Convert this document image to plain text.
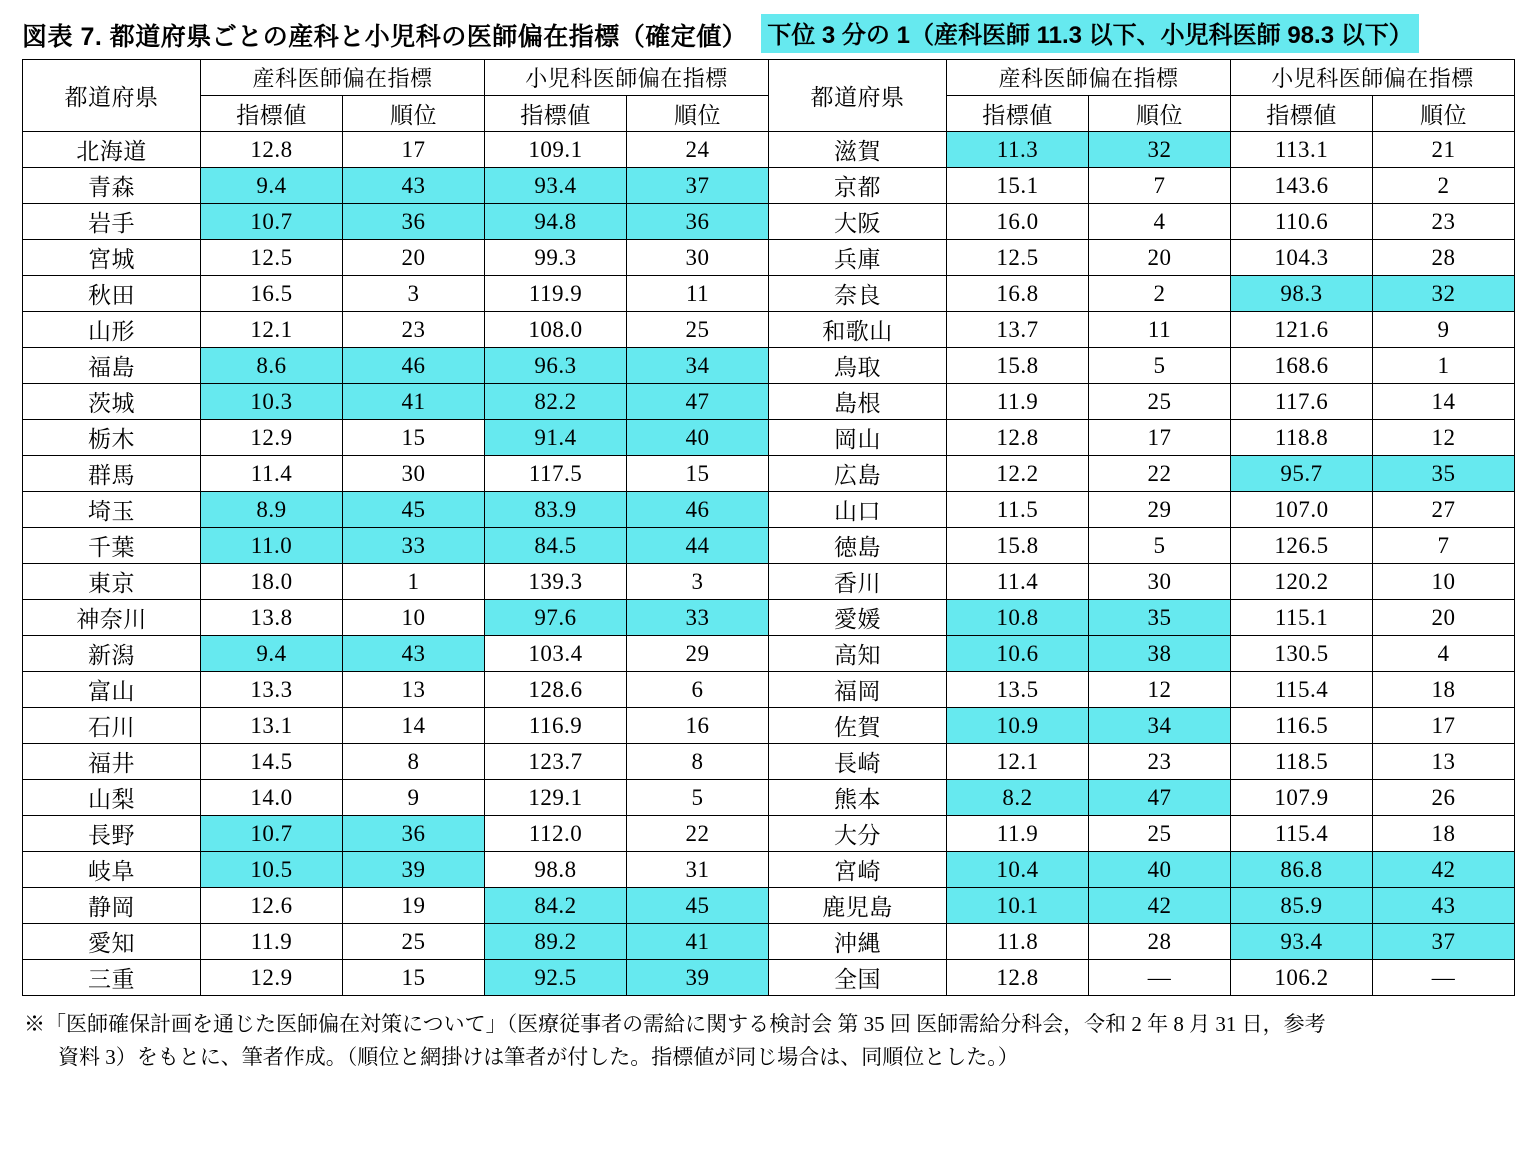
図表 7. 都道府県ごとの産科と小児科の医師偏在指標（確定値） 下位 3 分の 1（産科医師 11.3 以下、小児科医師 98.3 以下）
都道府県	産科医師偏在指標		小児科医師偏在指標	
	指標値	順位	指標値	順位
北海道	12.8	17	109.1	24
青森	9.4	43	93.4	37
岩手	10.7	36	94.8	36
宮城	12.5	20	99.3	30
秋田	16.5	3	119.9	11
山形	12.1	23	108.0	25
福島	8.6	46	96.3	34
茨城	10.3	41	82.2	47
栃木	12.9	15	91.4	40
群馬	11.4	30	117.5	15
埼玉	8.9	45	83.9	46
千葉	11.0	33	84.5	44
東京	18.0	1	139.3	3
神奈川	13.8	10	97.6	33
新潟	9.4	43	103.4	29
富山	13.3	13	128.6	6
石川	13.1	14	116.9	16
福井	14.5	8	123.7	8
山梨	14.0	9	129.1	5
長野	10.7	36	112.0	22
岐阜	10.5	39	98.8	31
静岡	12.6	19	84.2	45
愛知	11.9	25	89.2	41
三重	12.9	15	92.5	39
都道府県	産科医師偏在指標		小児科医師偏在指標	
	指標値	順位	指標値	順位
滋賀	11.3	32	113.1	21
京都	15.1	7	143.6	2
大阪	16.0	4	110.6	23
兵庫	12.5	20	104.3	28
奈良	16.8	2	98.3	32
和歌山	13.7	11	121.6	9
鳥取	15.8	5	168.6	1
島根	11.9	25	117.6	14
岡山	12.8	17	118.8	12
広島	12.2	22	95.7	35
山口	11.5	29	107.0	27
徳島	15.8	5	126.5	7
香川	11.4	30	120.2	10
愛媛	10.8	35	115.1	20
高知	10.6	38	130.5	4
福岡	13.5	12	115.4	18
佐賀	10.9	34	116.5	17
長崎	12.1	23	118.5	13
熊本	8.2	47	107.9	26
大分	11.9	25	115.4	18
宮崎	10.4	40	86.8	42
鹿児島	10.1	42	85.9	43
沖縄	11.8	28	93.4	37
全国	12.8	—	106.2	—
※「医師確保計画を通じた医師偏在対策について」（医療従事者の需給に関する検討会 第 35 回 医師需給分科会，令和 2 年 8 月 31 日，参考
資料 3）をもとに、筆者作成。（順位と網掛けは筆者が付した。指標値が同じ場合は、同順位とした。）
